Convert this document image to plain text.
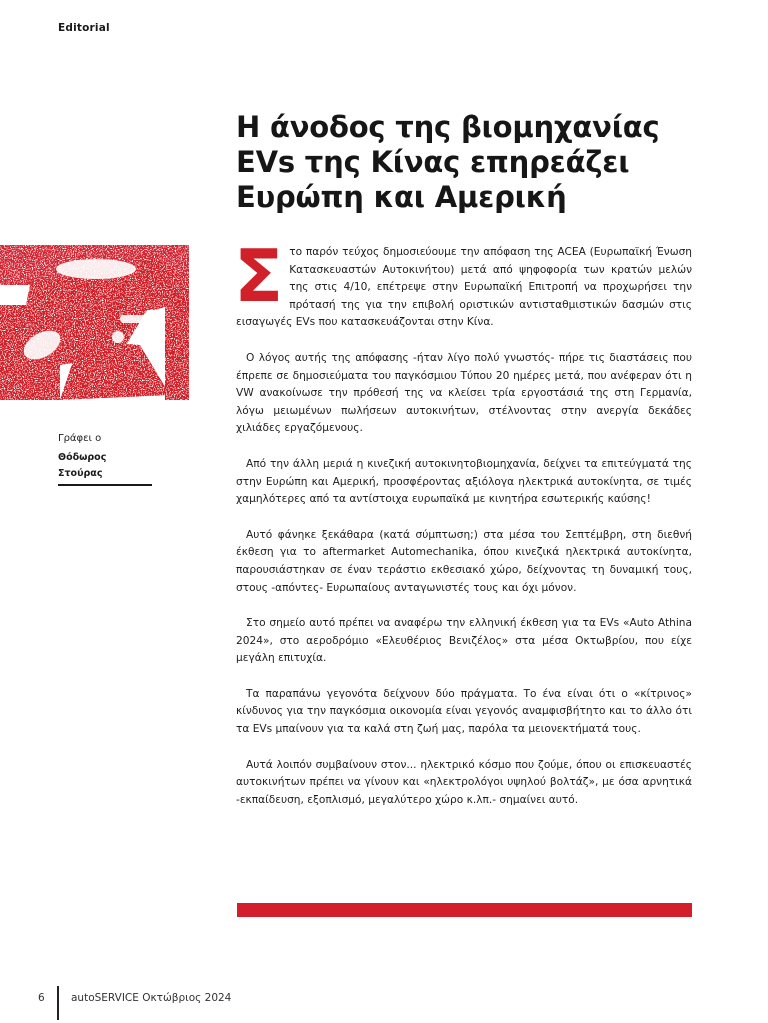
Editorial
Η άνοδος της βιομηχανίας EVs της Κίνας επηρεάζει Ευρώπη και Αμερική
Γράφει ο
Θόδωρος Στούρας

Στο παρόν τεύχος δημοσιεύουμε την απόφαση της ACEA (Ευρωπαϊκή Ένωση Κατασκευαστών Αυτοκινήτου) μετά από ψηφοφορία των κρατών μελών της στις 4/10, επέτρεψε στην Ευρωπαϊκή Επιτροπή να προχωρήσει την πρότασή της για την επιβολή οριστικών αντισταθμιστικών δασμών στις εισαγωγές EVs που κατασκευάζονται στην Κίνα.

Ο λόγος αυτής της απόφασης -ήταν λίγο πολύ γνωστός- πήρε τις διαστάσεις που έπρεπε σε δημοσιεύματα του παγκόσμιου Τύπου 20 ημέρες μετά, που ανέφεραν ότι η VW ανακοίνωσε την πρόθεσή της να κλείσει τρία εργοστάσιά της στη Γερμανία, λόγω μειωμένων πωλήσεων αυτοκινήτων, στέλνοντας στην ανεργία δεκάδες χιλιάδες εργαζόμενους.

Από την άλλη μεριά η κινεζική αυτοκινητοβιομηχανία, δείχνει τα επιτεύγματά της στην Ευρώπη και Αμερική, προσφέροντας αξιόλογα ηλεκτρικά αυτοκίνητα, σε τιμές χαμηλότερες από τα αντίστοιχα ευρωπαϊκά με κινητήρα εσωτερικής καύσης!

Αυτό φάνηκε ξεκάθαρα (κατά σύμπτωση;) στα μέσα του Σεπτέμβρη, στη διεθνή έκθεση για το aftermarket Automechanika, όπου κινεζικά ηλεκτρικά αυτοκίνητα, παρουσιάστηκαν σε έναν τεράστιο εκθεσιακό χώρο, δείχνοντας τη δυναμική τους, στους -απόντες- Ευρωπαίους ανταγωνιστές τους και όχι μόνον.

Στο σημείο αυτό πρέπει να αναφέρω την ελληνική έκθεση για τα EVs «Auto Athina 2024», στο αεροδρόμιο «Ελευθέριος Βενιζέλος» στα μέσα Οκτωβρίου, που είχε μεγάλη επιτυχία.

Τα παραπάνω γεγονότα δείχνουν δύο πράγματα. Το ένα είναι ότι ο «κίτρινος» κίνδυνος για την παγκόσμια οικονομία είναι γεγονός αναμφισβήτητο και το άλλο ότι τα EVs μπαίνουν για τα καλά στη ζωή μας, παρόλα τα μειονεκτήματά τους.

Αυτά λοιπόν συμβαίνουν στον... ηλεκτρικό κόσμο που ζούμε, όπου οι επισκευαστές αυτοκινήτων πρέπει να γίνουν και «ηλεκτρολόγοι υψηλού βολτάζ», με όσα αρνητικά -εκπαίδευση, εξοπλισμό, μεγαλύτερο χώρο κ.λπ.- σημαίνει αυτό.

6	autoSERVICE Οκτώβριος 2024
